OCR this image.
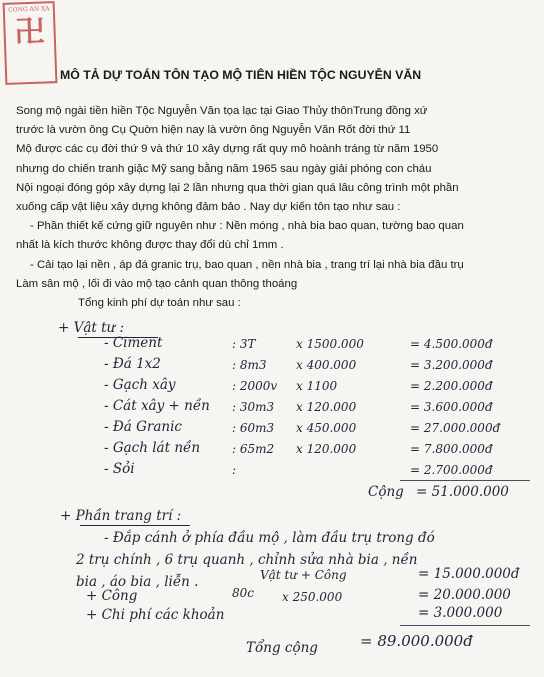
CONG AN XA
卍
MÔ TẢ DỰ TOÁN TÔN TẠO MỘ TIÊN HIỀN TỘC NGUYỄN VĂN
Song mộ ngài tiền hiền Tộc Nguyễn Văn tọa lạc tại Giao Thủy thônTrung đồng xứ
trước là vườn ông Cụ Quờn hiện nay là vườn ông Nguyễn Văn Rốt đời thứ 11
Mộ được các cụ đời thứ 9 và thứ 10 xây dựng rất quy mô hoành tráng từ năm 1950
nhưng do chiến tranh giặc Mỹ sang bằng năm 1965 sau ngày giải phóng con cháu
Nội ngoại đóng góp xây dựng lại 2 lần nhưng qua thời gian quá lâu công trình một phần
xuống cấp vật liệu xây dựng không đảm bảo . Nay dự kiến tôn tạo như sau :
- Phần thiết kế cứng giữ nguyên như : Nền móng , nhà bia bao quan, tường bao quan
nhất là kích thước không được thay đổi dù chỉ 1mm .
- Cải tạo lại nền , áp đá granic trụ, bao quan , nền nhà bia , trang trí lại nhà bia đầu trụ
Làm sân mộ , lối đi vào mộ tạo cảnh quan thông thoáng
Tổng kinh phí dự toán như sau :
+ Vật tư :
- Ciment	: 3T	x 1500.000	= 4.500.000đ
- Đá 1x2	: 8m3 x 400.000	= 3.200.000đ
- Gạch xây	: 2000v x 1100	= 2.200.000đ
- Cát xây + nền : 30m3 x 120.000	= 3.600.000đ
- Đá Granic	: 60m3 x 450.000	= 27.000.000đ
- Gạch lát nền	: 65m2 x 120.000	= 7.800.000đ
- Sỏi	:	= 2.700.000đ
Cộng = 51.000.000
+ Phần trang trí :
- Đắp cánh ở phía đầu mộ , làm đầu trụ trong đó
2 trụ chính , 6 trụ quanh , chỉnh sửa nhà bia , nền
bia , áo bia , liễn .	Vật tư + Công	= 15.000.000đ
+ Công	80c x 250.000	= 20.000.000
+ Chi phí các khoản	= 3.000.000
Tổng cộng	= 89.000.000đ
